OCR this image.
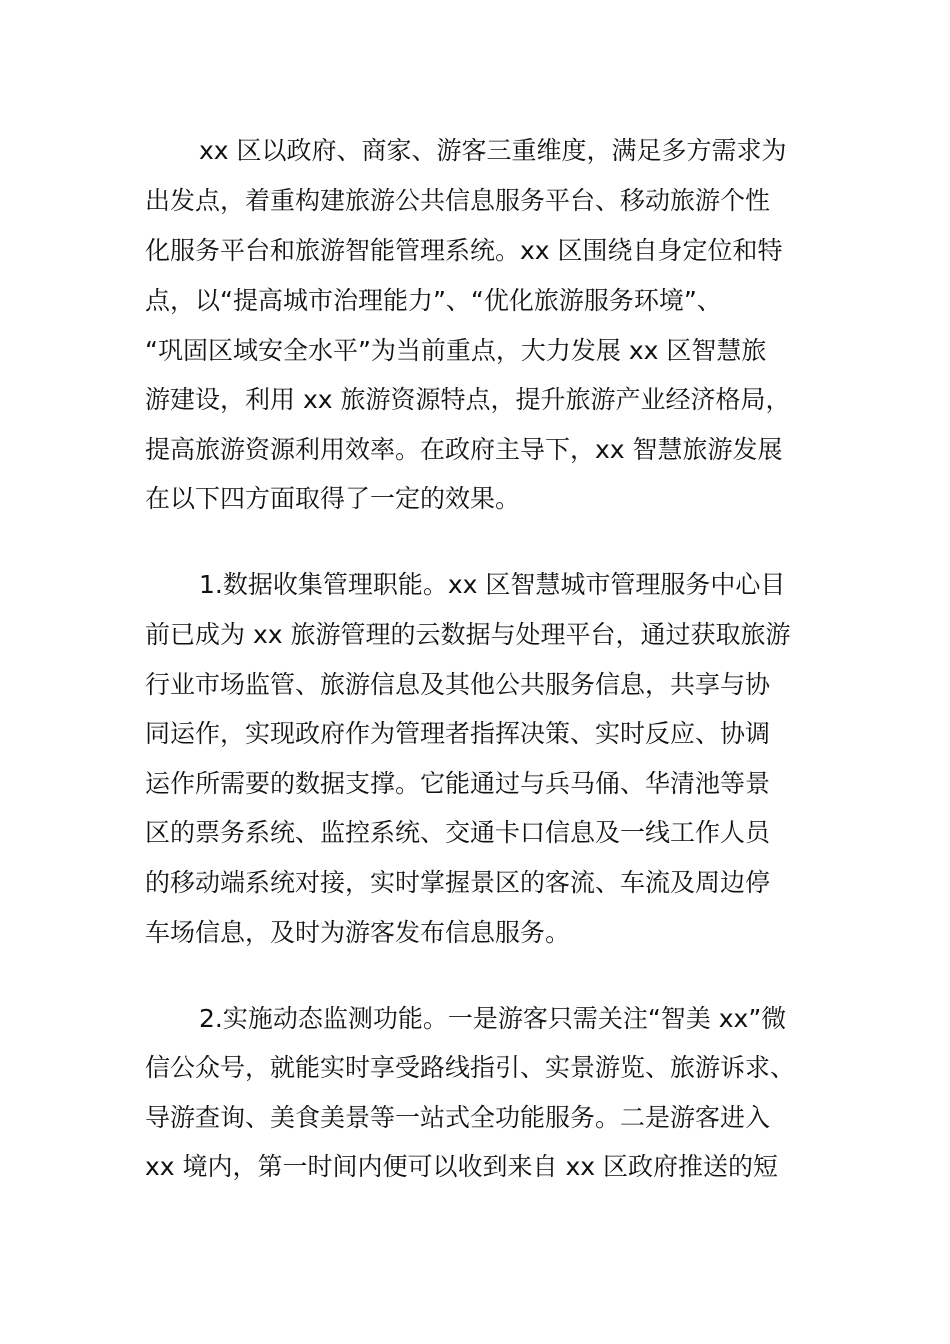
xx 区以政府、商家、游客三重维度，满足多方需求为
出发点，着重构建旅游公共信息服务平台、移动旅游个性
化服务平台和旅游智能管理系统。xx 区围绕自身定位和特
点，以“提高城市治理能力”、“优化旅游服务环境”、
“巩固区域安全水平”为当前重点，大力发展 xx 区智慧旅
游建设，利用 xx 旅游资源特点，提升旅游产业经济格局，
提高旅游资源利用效率。在政府主导下，xx 智慧旅游发展
在以下四方面取得了一定的效果。
1.数据收集管理职能。xx 区智慧城市管理服务中心目
前已成为 xx 旅游管理的云数据与处理平台，通过获取旅游
行业市场监管、旅游信息及其他公共服务信息，共享与协
同运作，实现政府作为管理者指挥决策、实时反应、协调
运作所需要的数据支撑。它能通过与兵马俑、华清池等景
区的票务系统、监控系统、交通卡口信息及一线工作人员
的移动端系统对接，实时掌握景区的客流、车流及周边停
车场信息，及时为游客发布信息服务。
2.实施动态监测功能。一是游客只需关注“智美 xx”微
信公众号，就能实时享受路线指引、实景游览、旅游诉求、
导游查询、美食美景等一站式全功能服务。二是游客进入
xx 境内，第一时间内便可以收到来自 xx 区政府推送的短
